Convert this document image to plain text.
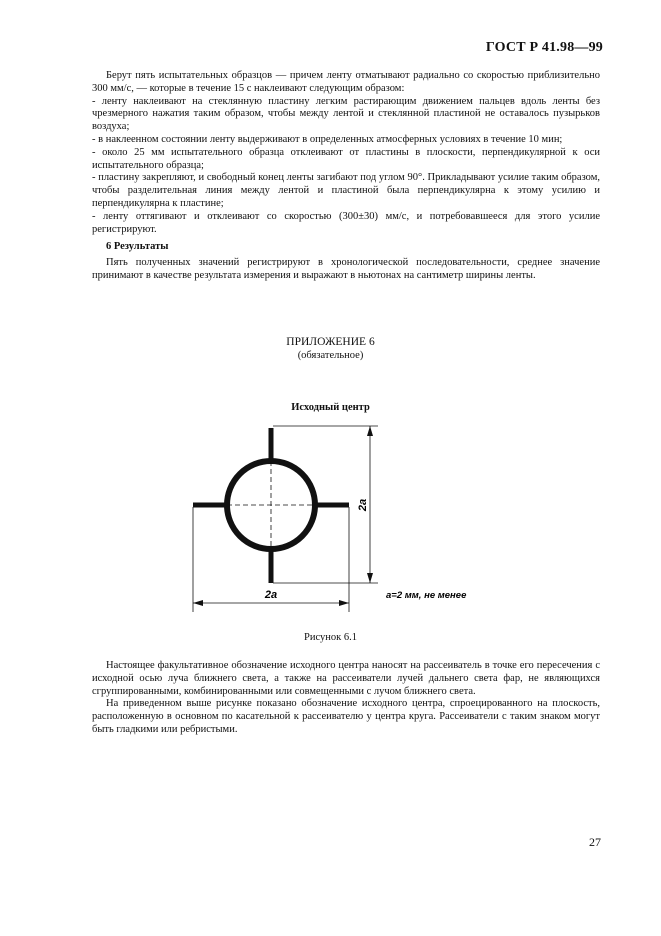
ГОСТ Р 41.98—99

Берут пять испытательных образцов — причем ленту отматывают радиально со скоростью приблизительно 300 мм/с, — которые в течение 15 с наклеивают следующим образом:

- ленту наклеивают на стеклянную пластину легким растирающим движением пальцев вдоль ленты без чрезмерного нажатия таким образом, чтобы между лентой и стеклянной пластиной не оставалось пузырьков воздуха;

- в наклеенном состоянии ленту выдерживают в определенных атмосферных условиях в течение 10 мин;

- около 25 мм испытательного образца отклеивают от пластины в плоскости, перпендикулярной к оси испытательного образца;

- пластину закрепляют, и свободный конец ленты загибают под углом 90°. Прикладывают усилие таким образом, чтобы разделительная линия между лентой и пластиной была перпендикулярна к этому усилию и перпендикулярна к пластине;

- ленту оттягивают и отклеивают со скоростью (300±30) мм/с, и потребовавшееся для этого усилие регистрируют.

6 Результаты

Пять полученных значений регистрируют в хронологической последовательности, среднее значение принимают в качестве результата измерения и выражают в ньютонах на сантиметр ширины ленты.

ПРИЛОЖЕНИЕ 6
(обязательное)
Исходный центр
2a
2a	a=2 мм, не менее
Рисунок 6.1

Настоящее факультативное обозначение исходного центра наносят на рассеиватель в точке его пересечения с исходной осью луча ближнего света, а также на рассеиватели лучей дальнего света фар, не являющихся сгруппированными, комбинированными или совмещенными с лучом ближнего света.

На приведенном выше рисунке показано обозначение исходного центра, спроецированного на плоскость, расположенную в основном по касательной к рассеивателю у центра круга. Рассеиватели с таким знаком могут быть гладкими или ребристыми.

27
